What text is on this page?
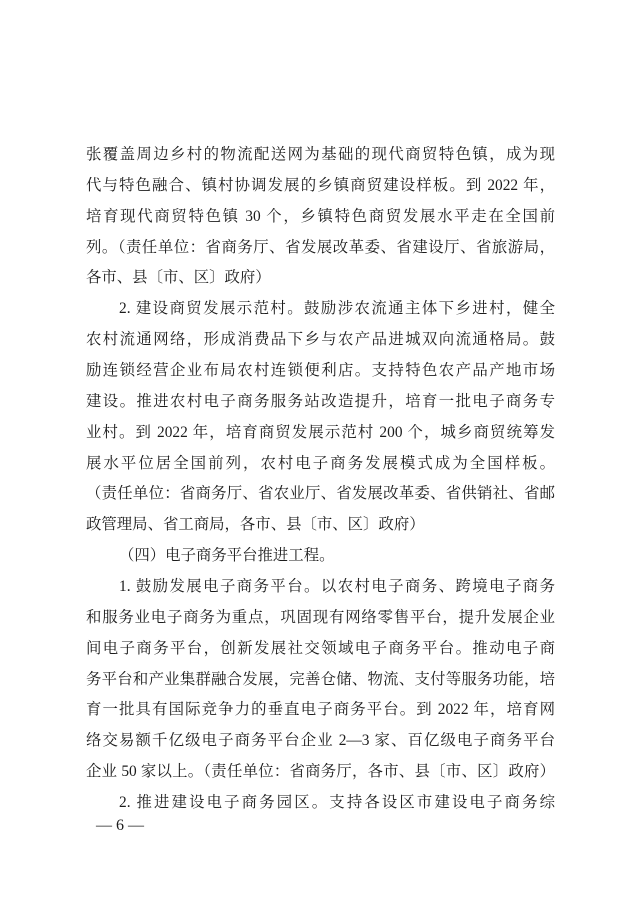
张覆盖周边乡村的物流配送网为基础的现代商贸特色镇，成为现
代与特色融合、镇村协调发展的乡镇商贸建设样板。到 2022 年，
培育现代商贸特色镇 30 个，乡镇特色商贸发展水平走在全国前
列。（责任单位：省商务厅、省发展改革委、省建设厅、省旅游局，
各市、县〔市、区〕政府）
2. 建设商贸发展示范村。鼓励涉农流通主体下乡进村，健全
农村流通网络，形成消费品下乡与农产品进城双向流通格局。鼓
励连锁经营企业布局农村连锁便利店。支持特色农产品产地市场
建设。推进农村电子商务服务站改造提升，培育一批电子商务专
业村。到 2022 年，培育商贸发展示范村 200 个，城乡商贸统筹发
展水平位居全国前列，农村电子商务发展模式成为全国样板。
（责任单位：省商务厅、省农业厅、省发展改革委、省供销社、省邮
政管理局、省工商局，各市、县〔市、区〕政府）
（四）电子商务平台推进工程。
1. 鼓励发展电子商务平台。以农村电子商务、跨境电子商务
和服务业电子商务为重点，巩固现有网络零售平台，提升发展企业
间电子商务平台，创新发展社交领域电子商务平台。推动电子商
务平台和产业集群融合发展，完善仓储、物流、支付等服务功能，培
育一批具有国际竞争力的垂直电子商务平台。到 2022 年，培育网
络交易额千亿级电子商务平台企业 2—3 家、百亿级电子商务平台
企业 50 家以上。（责任单位：省商务厅，各市、县〔市、区〕政府）
2. 推进建设电子商务园区。支持各设区市建设电子商务综
— 6 —
